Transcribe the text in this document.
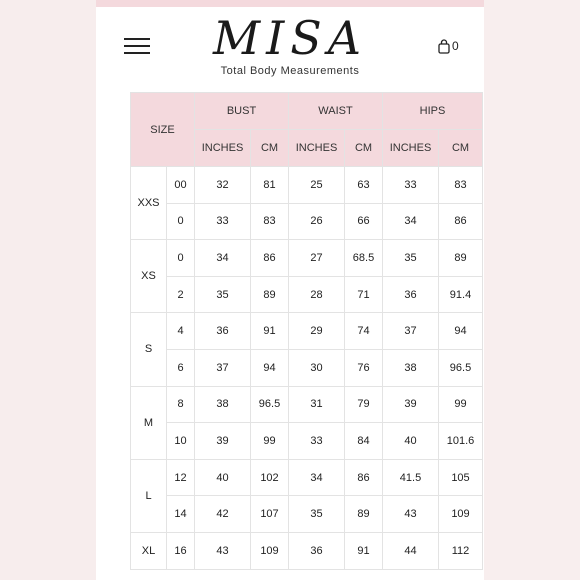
MISA	0
Total Body Measurements
SIZE		BUST		WAIST		HIPS	
		INCHES	CM	INCHES	CM	INCHES	CM
XXS	00	32	81	25	63	33	83
	0	33	83	26	66	34	86
XS	0	34	86	27	68.5	35	89
	2	35	89	28	71	36	91.4
S	4	36	91	29	74	37	94
	6	37	94	30	76	38	96.5
M	8	38	96.5	31	79	39	99
	10	39	99	33	84	40	101.6
L	12	40	102	34	86	41.5	105
	14	42	107	35	89	43	109
XL	16	43	109	36	91	44	112
